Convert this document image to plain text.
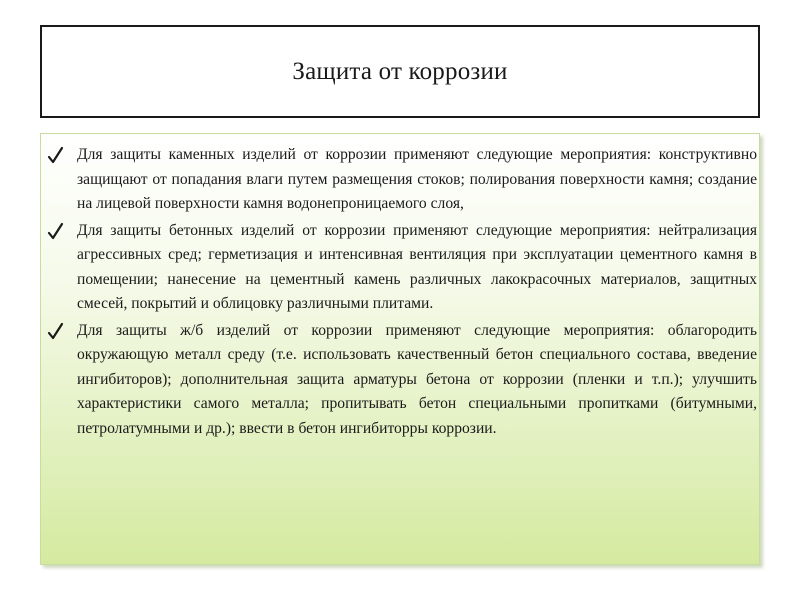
Защита от коррозии
Для защиты каменных изделий от коррозии применяют следующие мероприятия: конструктивно защищают от попадания влаги путем размещения стоков; полирования поверхности камня; создание на лицевой поверхности камня водонепроницаемого слоя,
Для защиты бетонных изделий от коррозии применяют следующие мероприятия: нейтрализация агрессивных сред; герметизация и интенсивная вентиляция при эксплуатации цементного камня в помещении; нанесение на цементный камень различных лакокрасочных материалов, защитных смесей, покрытий и облицовку различными плитами.
Для защиты ж/б изделий от коррозии применяют следующие мероприятия: облагородить окружающую металл среду (т.е. использовать качественный бетон специального состава, введение ингибиторов); дополнительная защита арматуры бетона от коррозии (пленки и т.п.); улучшить характеристики самого металла; пропитывать бетон специальными пропитками (битумными, петролатумными и др.); ввести в бетон ингибиторры коррозии.
